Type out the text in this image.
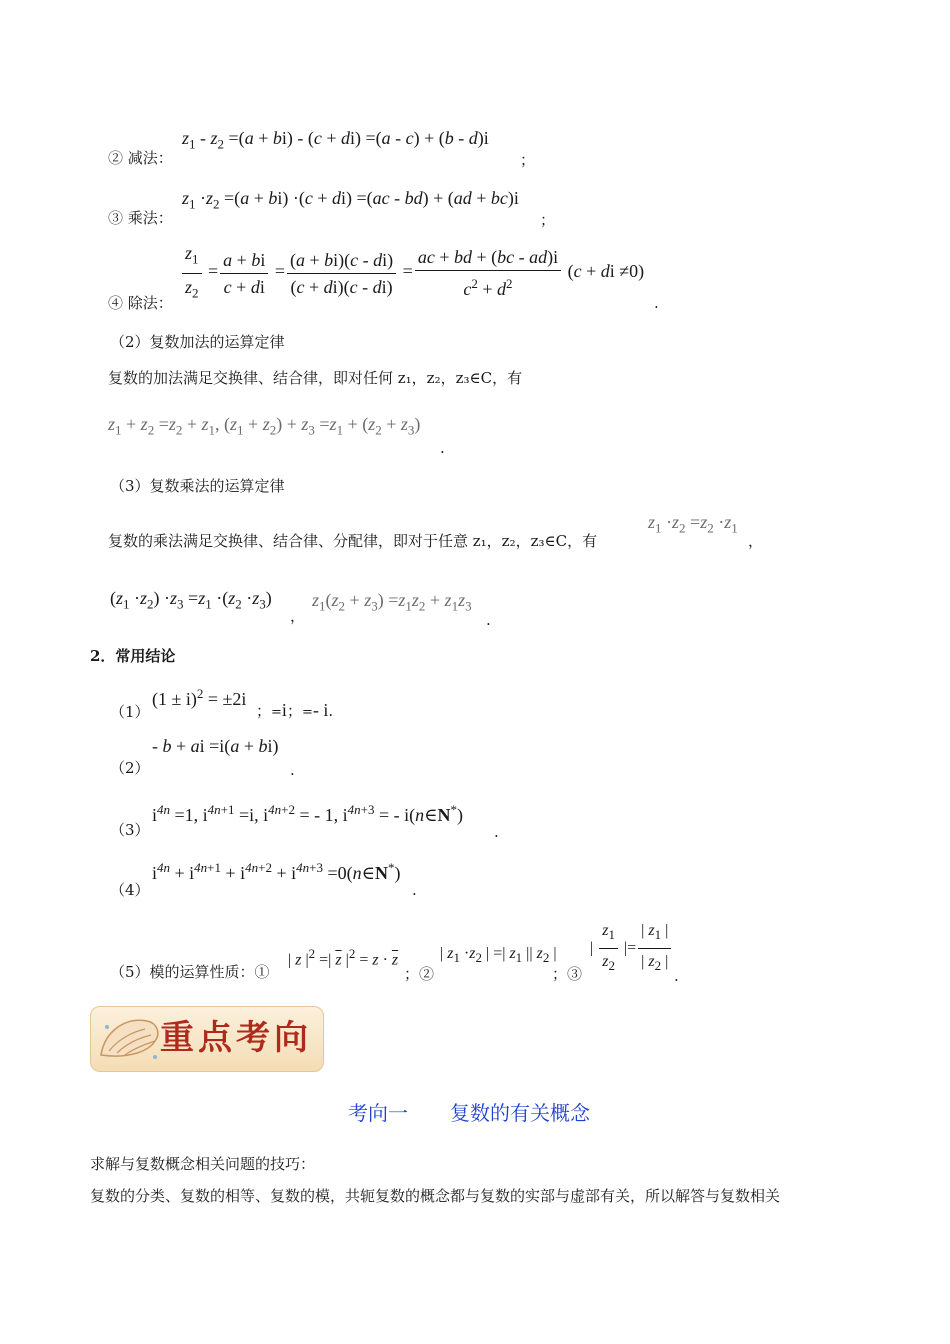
$z_1 - z_2 =(a + bi) - (c + di) =(a - c) + (b - d)i$
② 减法：	；
$z_1 \cdot z_2 =(a + bi) \cdot(c + di) =(ac - bd) + (ad + bc)i$
③ 乘法：	；
$\frac{z_1}{z_2} = \frac{a + bi}{c + di} = \frac{(a + bi)(c - di)}{(c + di)(c - di)} = \frac{ac + bd + (bc - ad)i}{c^2 + d^2} (c$ + di ≠0)
④ 除法：	.
（2）复数加法的运算定律
复数的加法满足交换律、结合律，即对任何 z₁，z₂，z₃∈C，有
$z_1 + z_2 =z_2 + z_1$, $(z_1 + z_2) + z_3 =z_1 + (z_2 + z_3)$
.
（3）复数乘法的运算定律
$z_1 \cdot z_2 =z_2 \cdot z_1$
复数的乘法满足交换律、结合律、分配律，即对于任意 z₁，z₂，z₃∈C，有	，
$(z_1 \cdot z_2) \cdot z_3 =z_1 \cdot(z_2 \cdot z_3)$
，
$z_1(z_2 + z_3) =z_1z_2 + z_1z_3$
.
2．常用结论
$(1 \pm i)^2 = \pm 2i$
（1）	；=i；=- i.
- b + ai =i(a + bi)
（2）	.
$i^{4n} =1$, $i^{4n+1} =i$, $i^{4n+2}$ = - 1, $i^{4n+3}$ = - i(n∈N*)
（3）	.
$i^{4n} + i^{4n+1} + i^{4n+2} + i^{4n+3}$ =0(n∈N*)
（4）	.
（5）模的运算性质：①
| z $|^2$ =| $\overline{z}$ $|^2 = z \cdot \overline{z}$
；②
| $z_1 \cdot z_2$ | =| $z_1$ || $z_2$ |
；③
| $\frac{z_1}{z_2}$ |= $\frac{| z_1 |}{| z_2 |}$ .
重点考向
考向一 复数的有关概念
求解与复数概念相关问题的技巧：
复数的分类、复数的相等、复数的模，共轭复数的概念都与复数的实部与虚部有关，所以解答与复数相关
